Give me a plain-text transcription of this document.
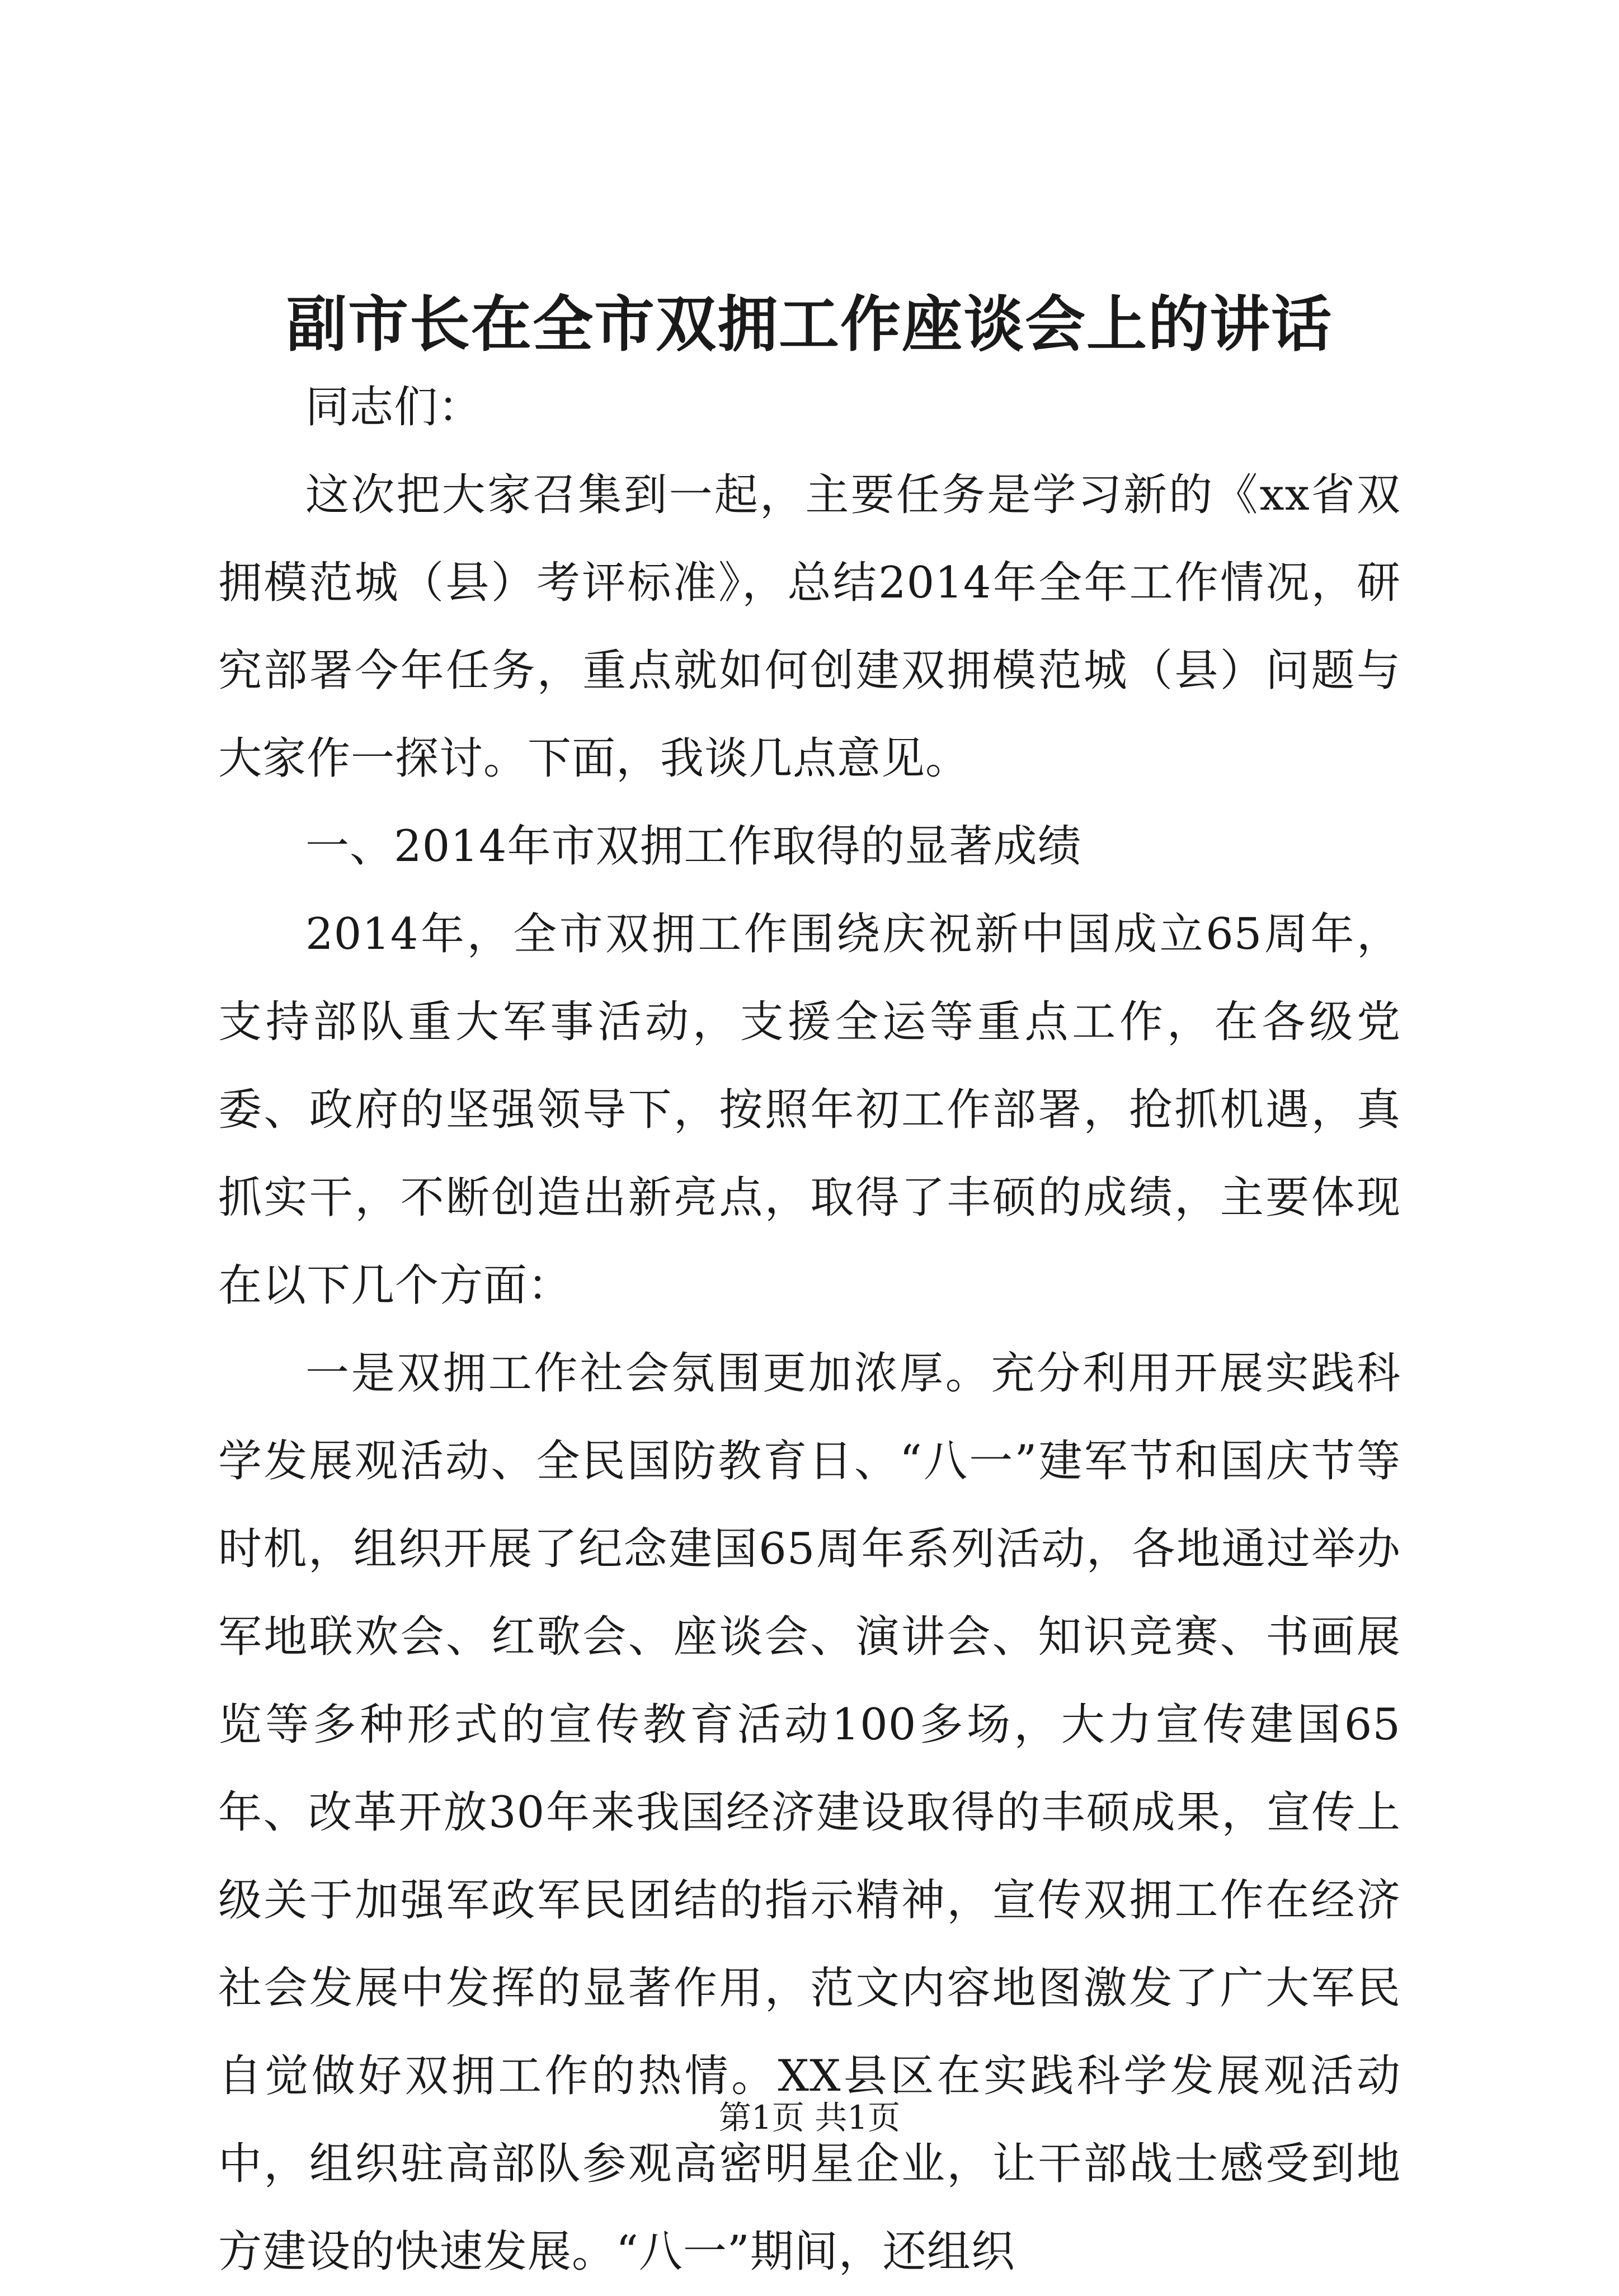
副市长在全市双拥工作座谈会上的讲话

同志们：

这次把大家召集到一起，主要任务是学习新的《xx省双拥模范城（县）考评标准》，总结2014年全年工作情况，研究部署今年任务，重点就如何创建双拥模范城（县）问题与大家作一探讨。下面，我谈几点意见。

一、2014年市双拥工作取得的显著成绩

2014年，全市双拥工作围绕庆祝新中国成立65周年，支持部队重大军事活动，支援全运等重点工作，在各级党委、政府的坚强领导下，按照年初工作部署，抢抓机遇，真抓实干，不断创造出新亮点，取得了丰硕的成绩，主要体现在以下几个方面：

一是双拥工作社会氛围更加浓厚。充分利用开展实践科学发展观活动、全民国防教育日、“八一”建军节和国庆节等时机，组织开展了纪念建国65周年系列活动，各地通过举办军地联欢会、红歌会、座谈会、演讲会、知识竞赛、书画展览等多种形式的宣传教育活动100多场，大力宣传建国65年、改革开放30年来我国经济建设取得的丰硕成果，宣传上级关于加强军政军民团结的指示精神，宣传双拥工作在经济社会发展中发挥的显著作用，范文内容地图激发了广大军民自觉做好双拥工作的热情。XX县区在实践科学发展观活动中，组织驻高部队参观高密明星企业，让干部战士感受到地方建设的快速发展。“八一”期间，还组织

第1页 共1页
